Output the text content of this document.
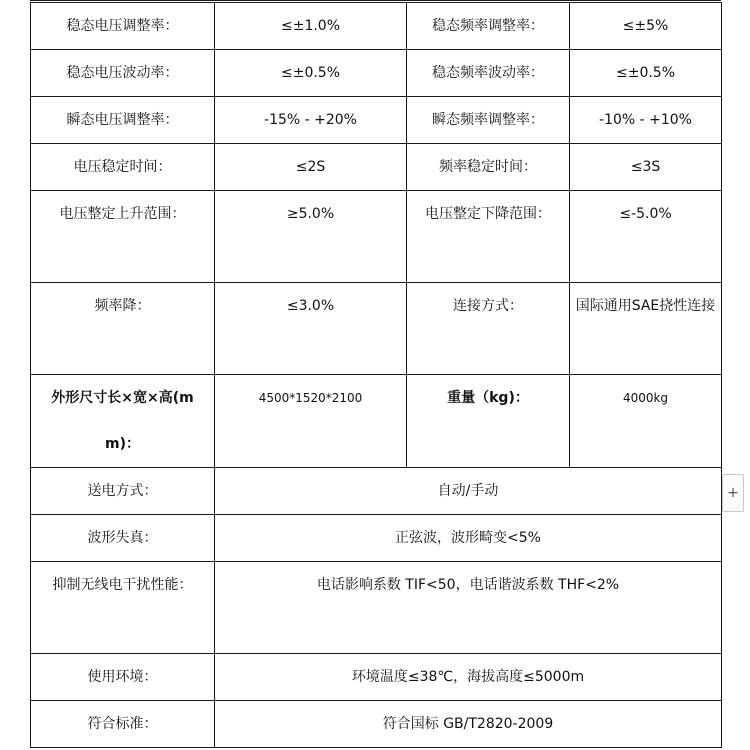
稳态电压调整率：	≤±1.0%	稳态频率调整率：	≤±5%
稳态电压波动率：	≤±0.5%	稳态频率波动率：	≤±0.5%
瞬态电压调整率：	-15% - +20%	瞬态频率调整率：	-10% - +10%
电压稳定时间：	≤2S	频率稳定时间：	≤3S
电压整定上升范围：	≥5.0%	电压整定下降范围：	≤-5.0%
频率降：	≤3.0%	连接方式：	国际通用SAE挠性连接
外形尺寸长×宽×高(mm)：	4500*1520*2100	重量（kg)：	4000kg
送电方式：	自动/手动		
波形失真：	正弦波，波形畸变<5%		
抑制无线电干扰性能：	电话影响系数 TIF<50，电话谐波系数 THF<2%		
使用环境：	环境温度≤38℃，海拔高度≤5000m		
符合标准：	符合国标 GB/T2820-2009		
+
